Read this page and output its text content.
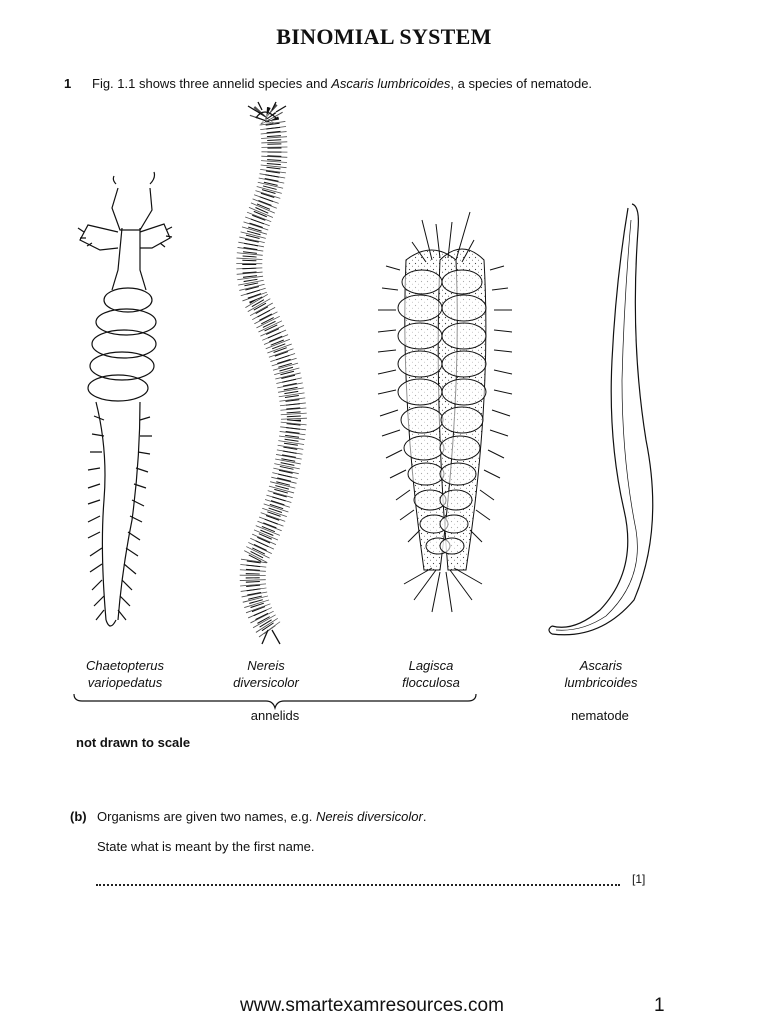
BINOMIAL SYSTEM
1 Fig. 1.1 shows three annelid species and Ascaris lumbricoides, a species of nematode.
Chaetopterus
variopedatus
Nereis
diversicolor
Lagisca
flocculosa
Ascaris
lumbricoides
annelids	nematode
not drawn to scale
(b) Organisms are given two names, e.g. Nereis diversicolor.
State what is meant by the first name.
[1]
www.smartexamresources.com	1
